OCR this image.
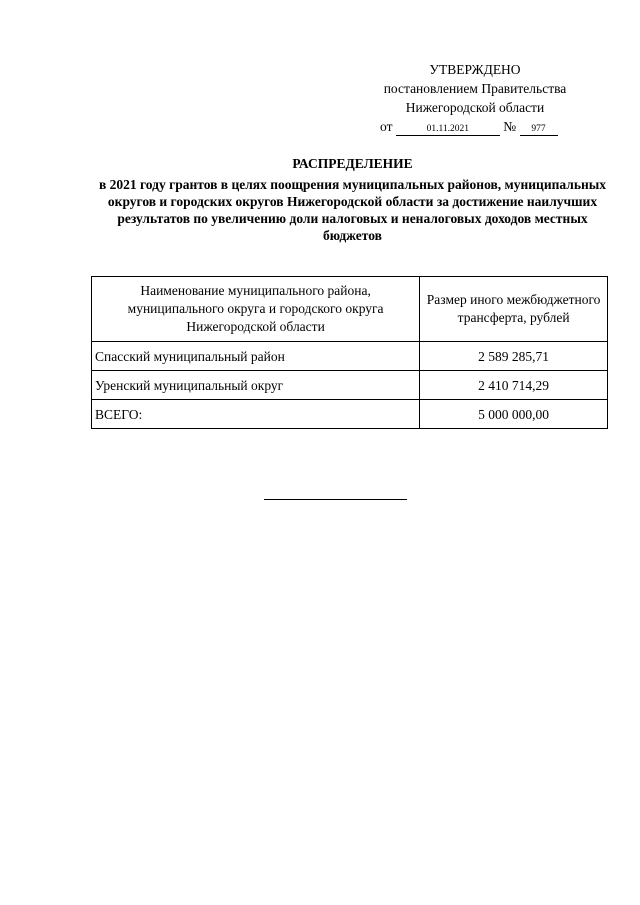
УТВЕРЖДЕНО
постановлением Правительства
Нижегородской области
от	01.11.2021	№ 977
РАСПРЕДЕЛЕНИЕ
в 2021 году грантов в целях поощрения муниципальных районов, муниципальных округов и городских округов Нижегородской области за достижение наилучших результатов по увеличению доли налоговых и неналоговых доходов местных бюджетов
Наименование муниципального района, муниципального округа и городского округа Нижегородской области	Размер иного межбюджетного трансферта, рублей
Спасский муниципальный район	2 589 285,71
Уренский муниципальный округ	2 410 714,29
ВСЕГО:	5 000 000,00
